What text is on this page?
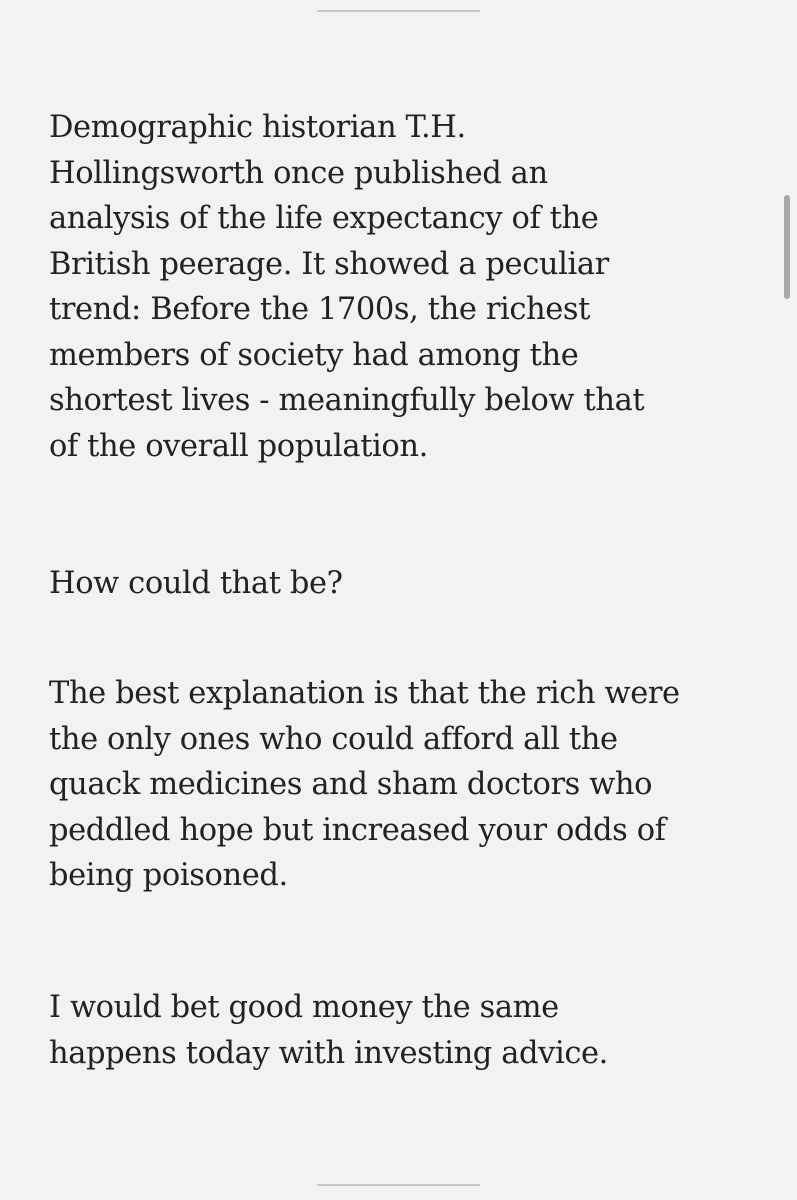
Demographic historian T.H.
Hollingsworth once published an
analysis of the life expectancy of the
British peerage. It showed a peculiar
trend: Before the 1700s, the richest
members of society had among the
shortest lives - meaningfully below that
of the overall population.

How could that be?

The best explanation is that the rich were
the only ones who could afford all the
quack medicines and sham doctors who
peddled hope but increased your odds of
being poisoned.

I would bet good money the same
happens today with investing advice.
